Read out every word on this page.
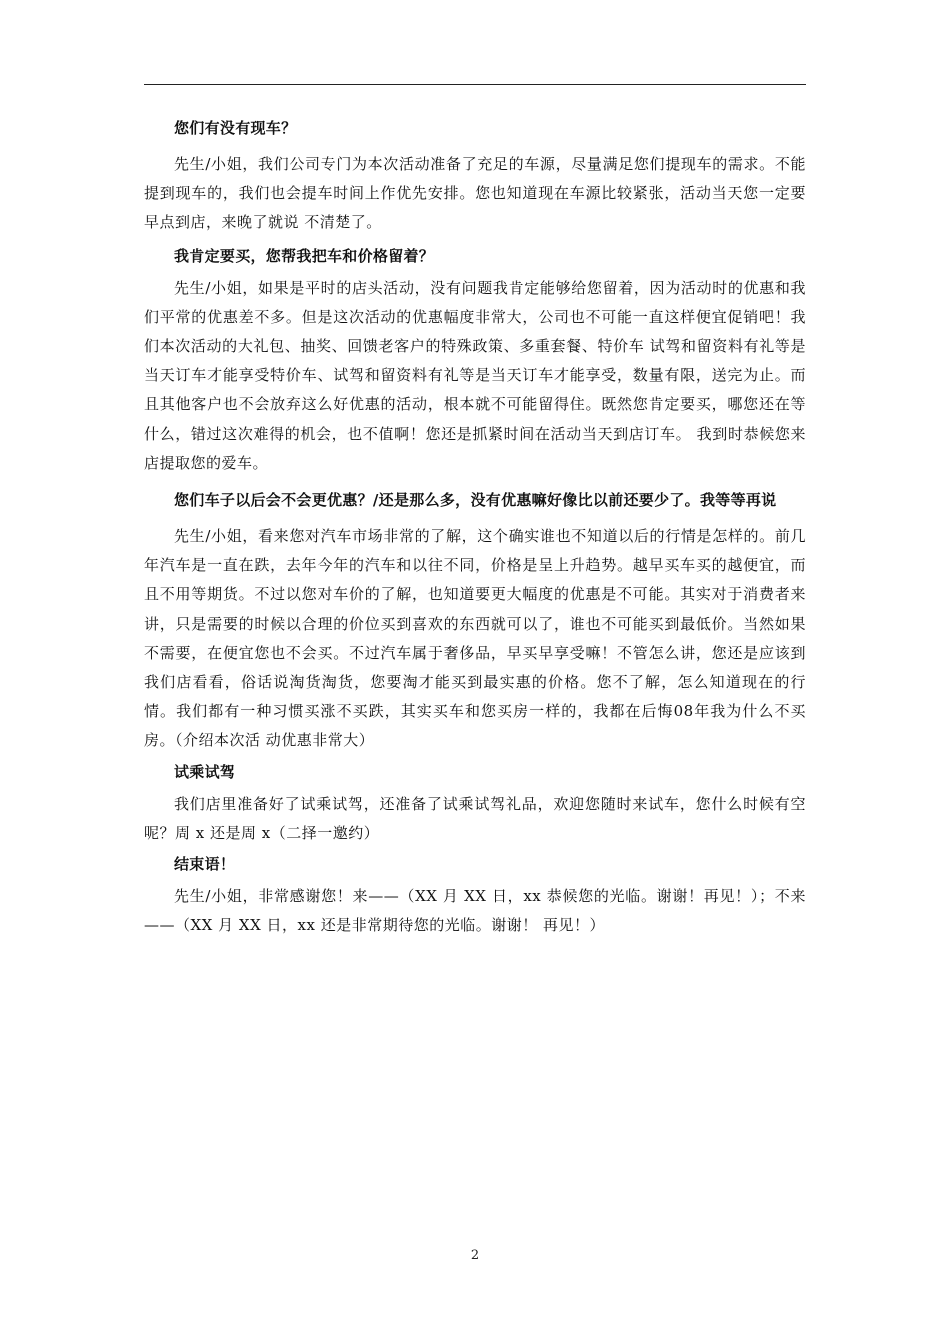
您们有没有现车？

先生/小姐，我们公司专门为本次活动准备了充足的车源，尽量满足您们提现车的需求。不能提到现车的，我们也会提车时间上作优先安排。您也知道现在车源比较紧张，活动当天您一定要早点到店，来晚了就说 不清楚了。

我肯定要买，您帮我把车和价格留着？

先生/小姐，如果是平时的店头活动，没有问题我肯定能够给您留着，因为活动时的优惠和我们平常的优惠差不多。但是这次活动的优惠幅度非常大，公司也不可能一直这样便宜促销吧！我们本次活动的大礼包、抽奖、回馈老客户的特殊政策、多重套餐、特价车 试驾和留资料有礼等是当天订车才能享受特价车、试驾和留资料有礼等是当天订车才能享受，数量有限，送完为止。而且其他客户也不会放弃这么好优惠的活动，根本就不可能留得住。既然您肯定要买，哪您还在等什么，错过这次难得的机会，也不值啊！您还是抓紧时间在活动当天到店订车。 我到时恭候您来店提取您的爱车。

您们车子以后会不会更优惠？/还是那么多，没有优惠嘛好像比以前还要少了。我等等再说

先生/小姐，看来您对汽车市场非常的了解，这个确实谁也不知道以后的行情是怎样的。前几年汽车是一直在跌，去年今年的汽车和以往不同，价格是呈上升趋势。越早买车买的越便宜，而且不用等期货。不过以您对车价的了解，也知道要更大幅度的优惠是不可能。其实对于消费者来讲，只是需要的时候以合理的价位买到喜欢的东西就可以了，谁也不可能买到最低价。当然如果不需要，在便宜您也不会买。不过汽车属于奢侈品，早买早享受嘛！不管怎么讲，您还是应该到我们店看看，俗话说淘货淘货，您要淘才能买到最实惠的价格。您不了解，怎么知道现在的行情。我们都有一种习惯买涨不买跌，其实买车和您买房一样的，我都在后悔08年我为什么不买房。（介绍本次活 动优惠非常大）

试乘试驾

我们店里准备好了试乘试驾，还准备了试乘试驾礼品，欢迎您随时来试车，您什么时候有空呢？周 x 还是周 x（二择一邀约）

结束语！

先生/小姐，非常感谢您！来——（XX 月 XX 日，xx 恭候您的光临。谢谢！再见！）；不来——（XX 月 XX 日，xx 还是非常期待您的光临。谢谢！ 再见！）

2
